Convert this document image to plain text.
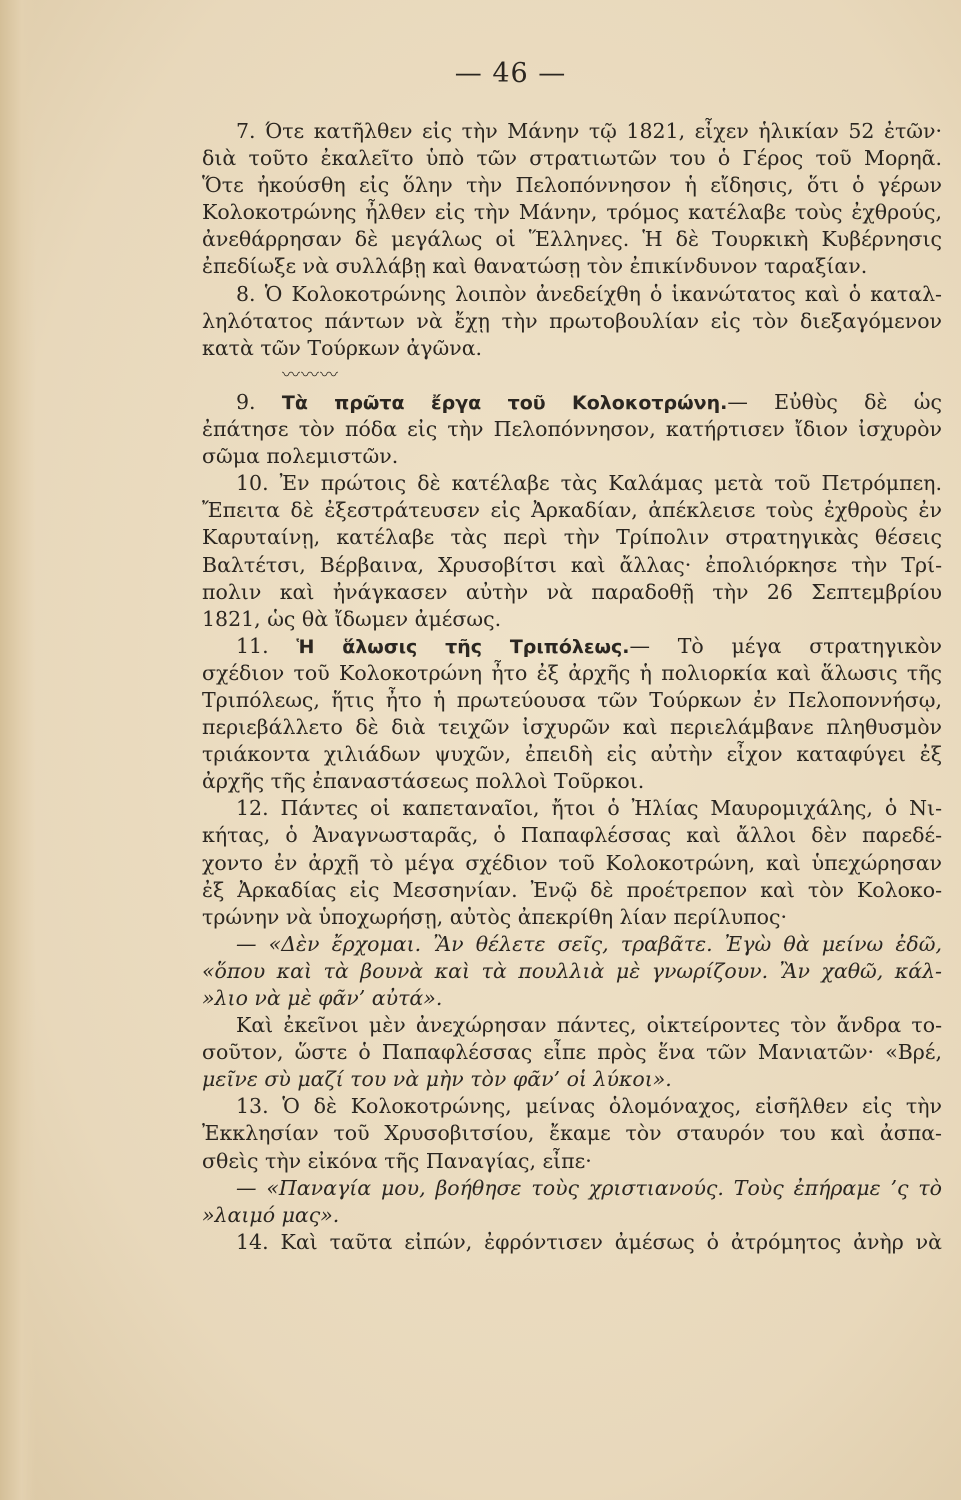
— 46 —
7. Ότε κατῆλθεν εἰς τὴν Μάνην τῷ 1821, εἶχεν ἡλικίαν 52 ἐτῶν·
διὰ τοῦτο ἐκαλεῖτο ὑπὸ τῶν στρατιωτῶν του ὁ Γέρος τοῦ Μορηᾶ.
Ὅτε ἠκούσθη εἰς ὅλην τὴν Πελοπόννησον ἡ εἴδησις, ὅτι ὁ γέρων
Κολοκοτρώνης ἦλθεν εἰς τὴν Μάνην, τρόμος κατέλαβε τοὺς ἐχθρούς,
ἀνεθάρρησαν δὲ μεγάλως οἱ Ἕλληνες. Ἡ δὲ Τουρκικὴ Κυβέρνησις
ἐπεδίωξε νὰ συλλάβῃ καὶ θανατώσῃ τὸν ἐπικίνδυνον ταραξίαν.
8. Ὁ Κολοκοτρώνης λοιπὸν ἀνεδείχθη ὁ ἱκανώτατος καὶ ὁ καταλ-
ληλότατος πάντων νὰ ἔχῃ τὴν πρωτοβουλίαν εἰς τὸν διεξαγόμενον
κατὰ τῶν Τούρκων ἀγῶνα.
〰〰〰
9. Τὰ πρῶτα ἔργα τοῦ Κολοκοτρώνη.— Εὐθὺς δὲ ὡς
ἐπάτησε τὸν πόδα εἰς τὴν Πελοπόννησον, κατήρτισεν ἴδιον ἰσχυρὸν
σῶμα πολεμιστῶν.
10. Ἐν πρώτοις δὲ κατέλαβε τὰς Καλάμας μετὰ τοῦ Πετρόμπεη.
Ἔπειτα δὲ ἐξεστράτευσεν εἰς Ἀρκαδίαν, ἀπέκλεισε τοὺς ἐχθροὺς ἐν
Καρυταίνῃ, κατέλαβε τὰς περὶ τὴν Τρίπολιν στρατηγικὰς θέσεις
Βαλτέτσι, Βέρβαινα, Χρυσοβίτσι καὶ ἄλλας· ἐπολιόρκησε τὴν Τρί-
πολιν καὶ ἠνάγκασεν αὐτὴν νὰ παραδοθῇ τὴν 26 Σεπτεμβρίου
1821, ὡς θὰ ἴδωμεν ἀμέσως.
11. Ἡ ἅλωσις τῆς Τριπόλεως.— Τὸ μέγα στρατηγικὸν
σχέδιον τοῦ Κολοκοτρώνη ἦτο ἐξ ἀρχῆς ἡ πολιορκία καὶ ἅλωσις τῆς
Τριπόλεως, ἥτις ἦτο ἡ πρωτεύουσα τῶν Τούρκων ἐν Πελοποννήσῳ,
περιεβάλλετο δὲ διὰ τειχῶν ἰσχυρῶν καὶ περιελάμβανε πληθυσμὸν
τριάκοντα χιλιάδων ψυχῶν, ἐπειδὴ εἰς αὐτὴν εἶχον καταφύγει ἐξ
ἀρχῆς τῆς ἐπαναστάσεως πολλοὶ Τοῦρκοι.
12. Πάντες οἱ καπεταναῖοι, ἤτοι ὁ Ἠλίας Μαυρομιχάλης, ὁ Νι-
κήτας, ὁ Ἀναγνωσταρᾶς, ὁ Παπαφλέσσας καὶ ἄλλοι δὲν παρεδέ-
χοντο ἐν ἀρχῇ τὸ μέγα σχέδιον τοῦ Κολοκοτρώνη, καὶ ὑπεχώρησαν
ἐξ Ἀρκαδίας εἰς Μεσσηνίαν. Ἐνῷ δὲ προέτρεπον καὶ τὸν Κολοκο-
τρώνην νὰ ὑποχωρήσῃ, αὐτὸς ἀπεκρίθη λίαν περίλυπος·
— «Δὲν ἔρχομαι. Ἂν θέλετε σεῖς, τραβᾶτε. Ἐγὼ θὰ μείνω ἐδῶ,
«ὅπου καὶ τὰ βουνὰ καὶ τὰ πουλλιὰ μὲ γνωρίζουν. Ἂν χαθῶ, κάλ-
»λιο νὰ μὲ φᾶν’ αὐτά».
Καὶ ἐκεῖνοι μὲν ἀνεχώρησαν πάντες, οἰκτείροντες τὸν ἄνδρα το-
σοῦτον, ὥστε ὁ Παπαφλέσσας εἶπε πρὸς ἕνα τῶν Μανιατῶν· «Βρέ,
μεῖνε σὺ μαζί του νὰ μὴν τὸν φᾶν’ οἱ λύκοι».
13. Ὁ δὲ Κολοκοτρώνης, μείνας ὁλομόναχος, εἰσῆλθεν εἰς τὴν
Ἐκκλησίαν τοῦ Χρυσοβιτσίου, ἔκαμε τὸν σταυρόν του καὶ ἀσπα-
σθεὶς τὴν εἰκόνα τῆς Παναγίας, εἶπε·
— «Παναγία μου, βοήθησε τοὺς χριστιανούς. Τοὺς ἐπήραμε ’ς τὸ
»λαιμό μας».
14. Καὶ ταῦτα εἰπών, ἐφρόντισεν ἀμέσως ὁ ἀτρόμητος ἀνὴρ νὰ
